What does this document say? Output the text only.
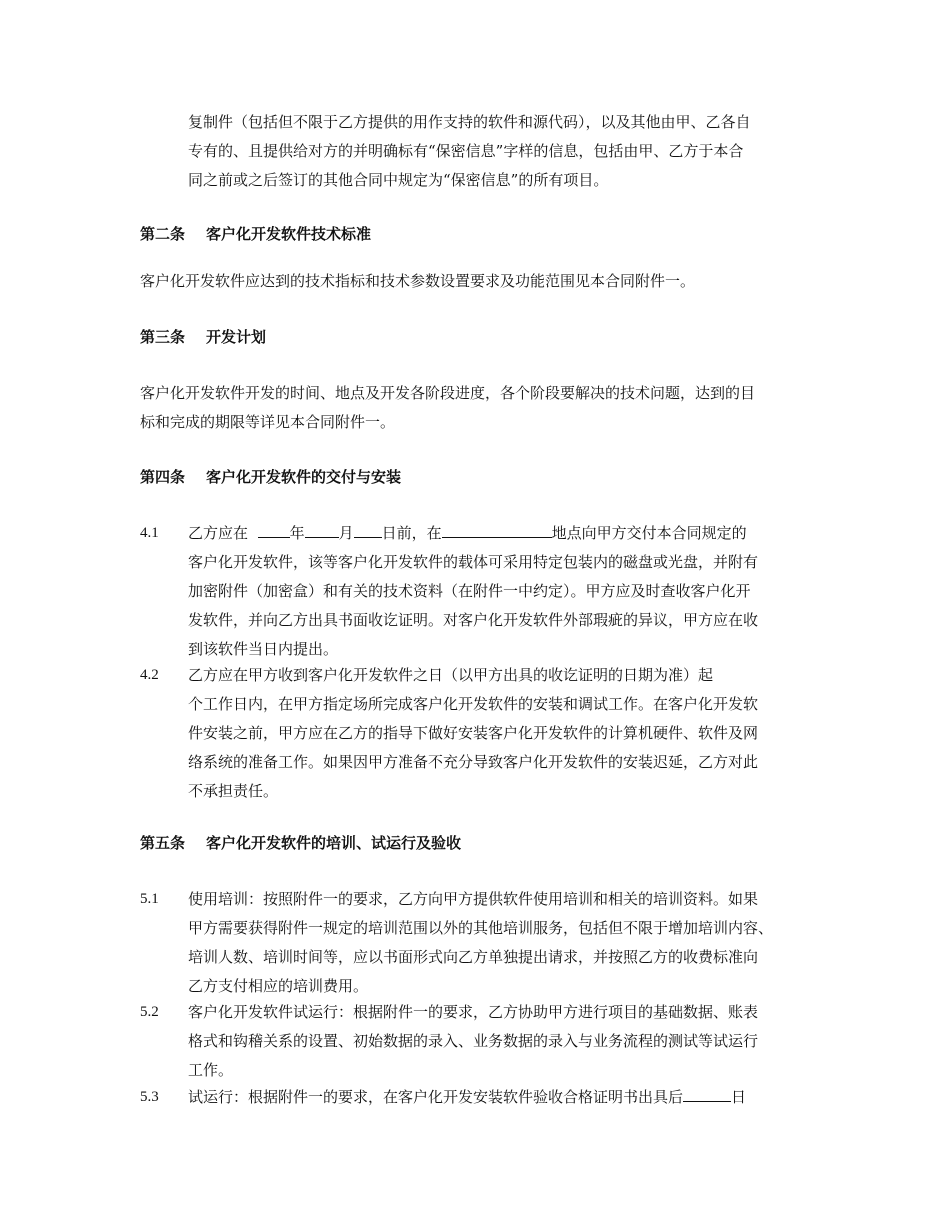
复制件（包括但不限于乙方提供的用作支持的软件和源代码），以及其他由甲、乙各自
专有的、且提供给对方的并明确标有“保密信息”字样的信息，包括由甲、乙方于本合
同之前或之后签订的其他合同中规定为“保密信息”的所有项目。
第二条 客户化开发软件技术标准
客户化开发软件应达到的技术指标和技术参数设置要求及功能范围见本合同附件一。
第三条 开发计划
客户化开发软件开发的时间、地点及开发各阶段进度，各个阶段要解决的技术问题，达到的目
标和完成的期限等详见本合同附件一。
第四条 客户化开发软件的交付与安装
4.1	乙方应在	年 月 日前，在	地点向甲方交付本合同规定的
客户化开发软件，该等客户化开发软件的载体可采用特定包装内的磁盘或光盘，并附有
加密附件（加密盒）和有关的技术资料（在附件一中约定）。甲方应及时查收客户化开
发软件，并向乙方出具书面收讫证明。对客户化开发软件外部瑕疵的异议，甲方应在收
到该软件当日内提出。
4.2	乙方应在甲方收到客户化开发软件之日（以甲方出具的收讫证明的日期为准）起
个工作日内，在甲方指定场所完成客户化开发软件的安装和调试工作。在客户化开发软
件安装之前，甲方应在乙方的指导下做好安装客户化开发软件的计算机硬件、软件及网
络系统的准备工作。如果因甲方准备不充分导致客户化开发软件的安装迟延，乙方对此
不承担责任。
第五条 客户化开发软件的培训、试运行及验收
5.1	使用培训：按照附件一的要求，乙方向甲方提供软件使用培训和相关的培训资料。如果
甲方需要获得附件一规定的培训范围以外的其他培训服务，包括但不限于增加培训内容、
培训人数、培训时间等，应以书面形式向乙方单独提出请求，并按照乙方的收费标准向
乙方支付相应的培训费用。
5.2	客户化开发软件试运行：根据附件一的要求，乙方协助甲方进行项目的基础数据、账表
格式和钩稽关系的设置、初始数据的录入、业务数据的录入与业务流程的测试等试运行
工作。
5.3	试运行：根据附件一的要求，在客户化开发安装软件验收合格证明书出具后	日
